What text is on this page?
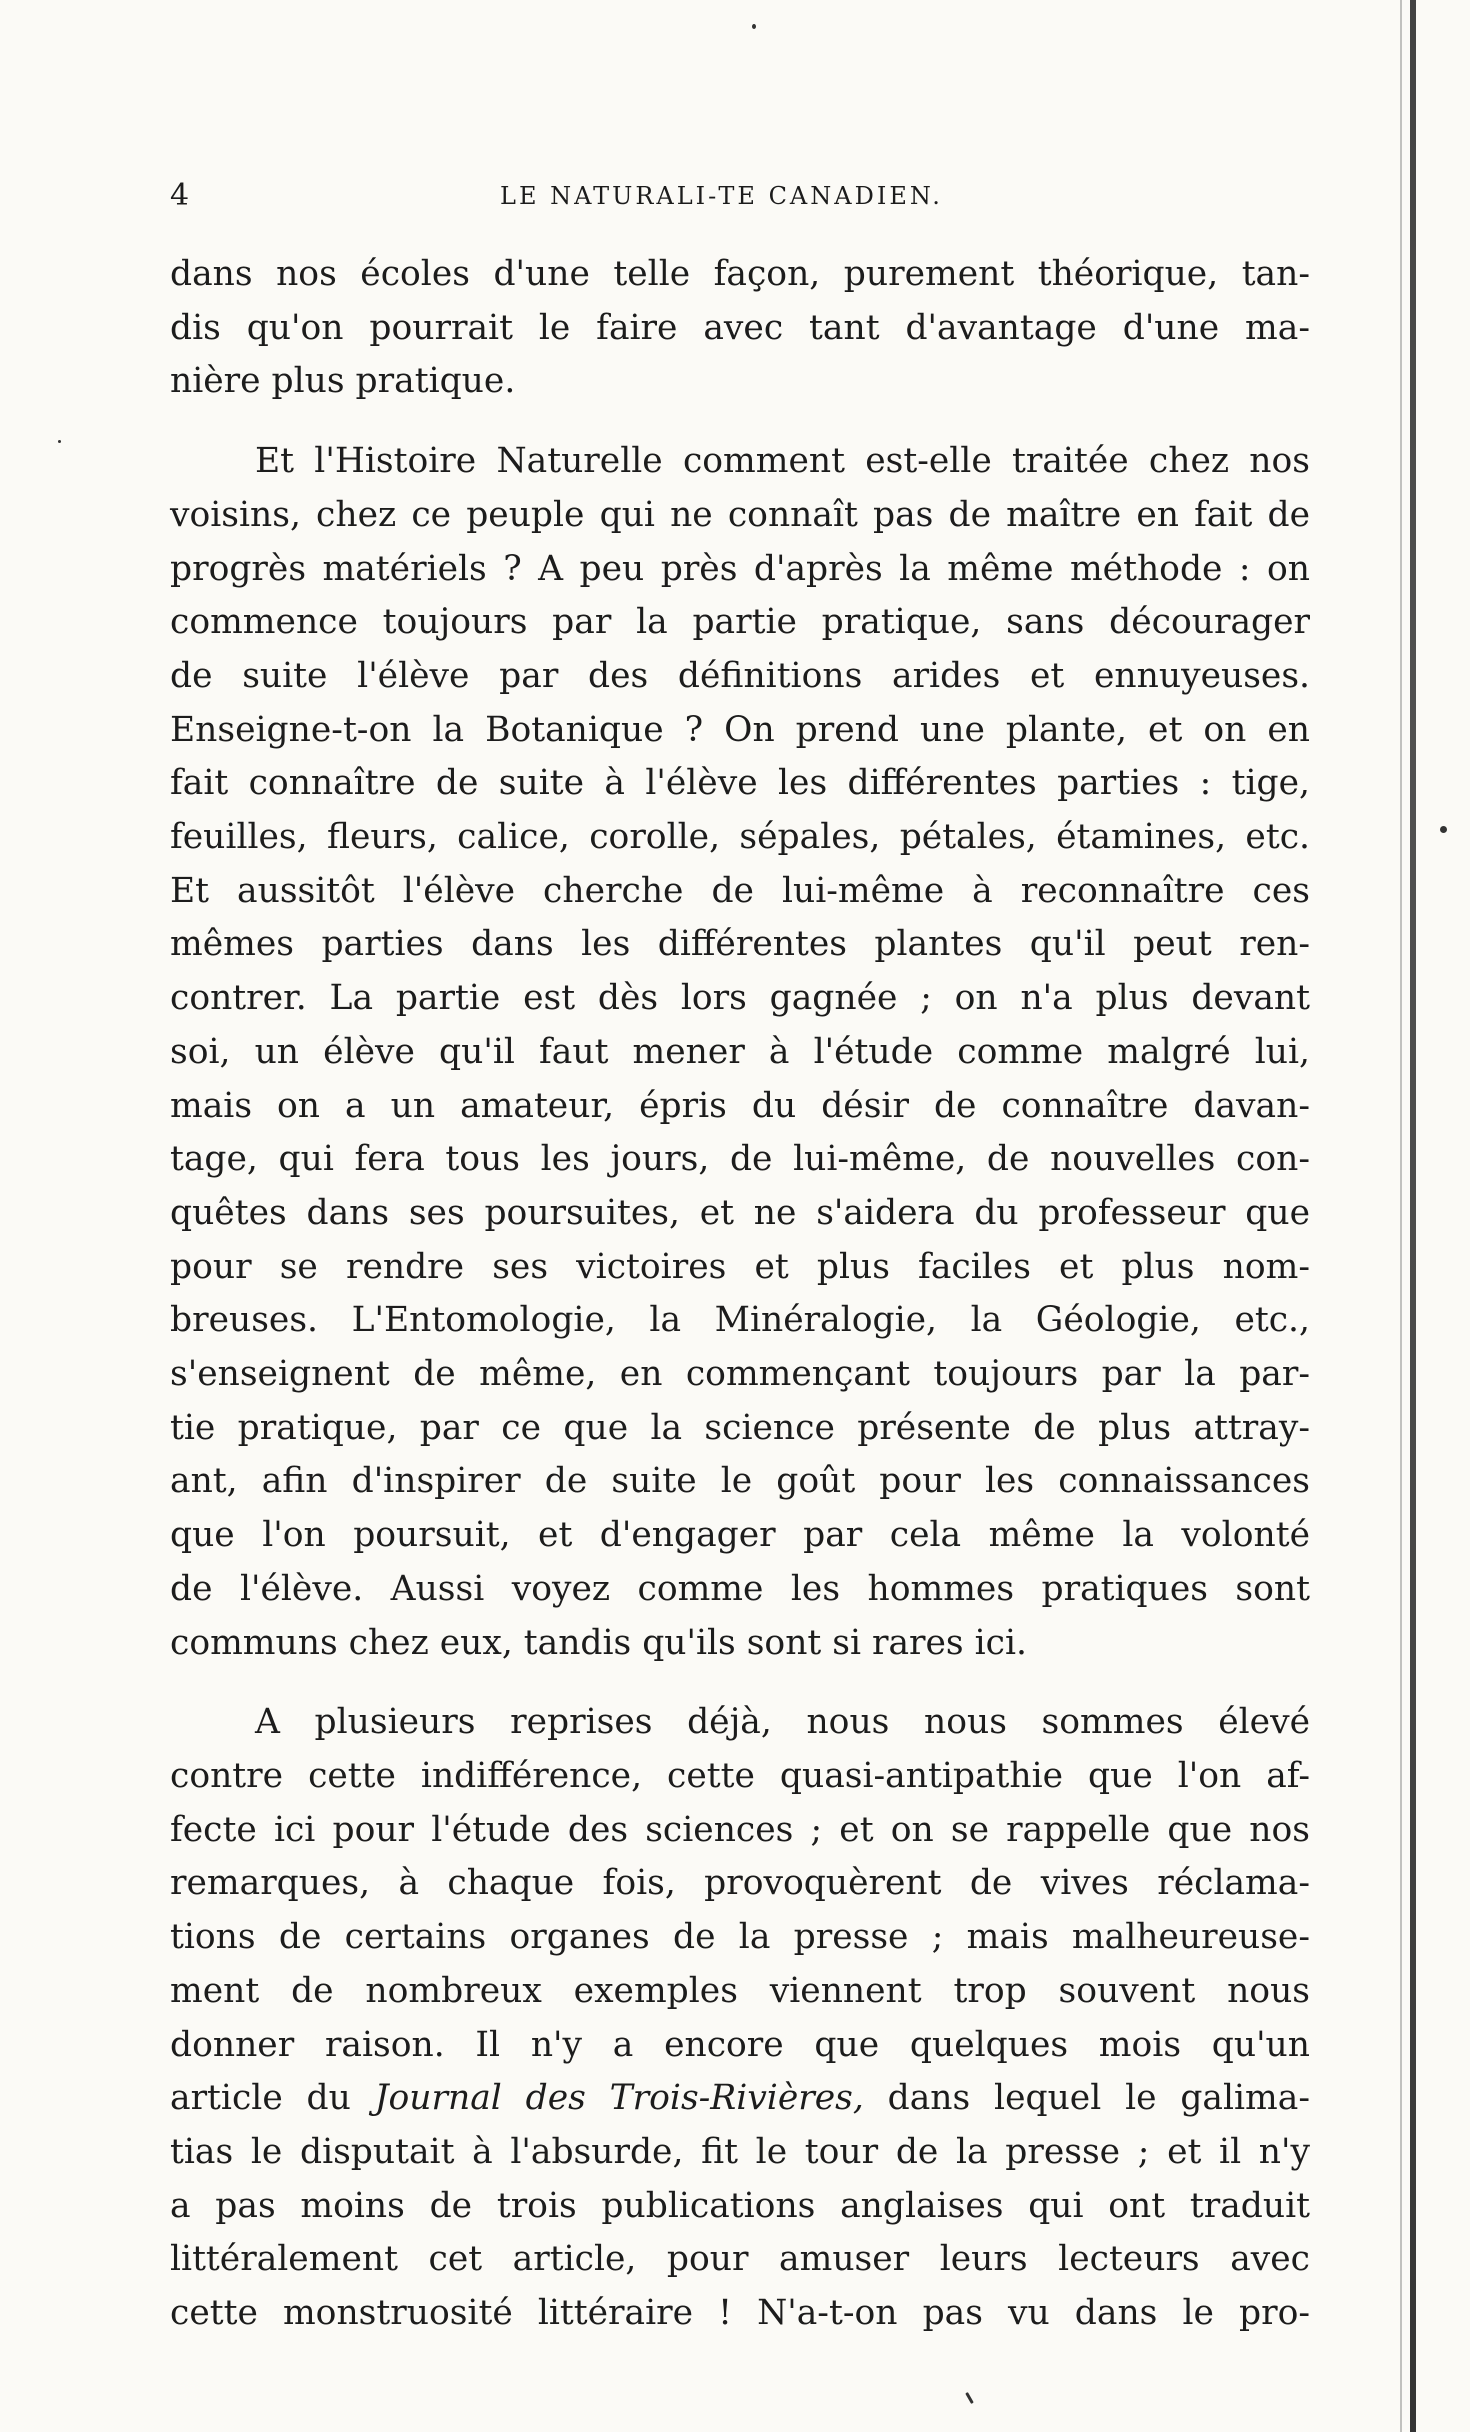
4	LE NATURALI-TE CANADIEN.

dans nos écoles d'une telle façon, purement théorique, tan-
dis qu'on pourrait le faire avec tant d'avantage d'une ma-
nière plus pratique.

Et l'Histoire Naturelle comment est-elle traitée chez nos
voisins, chez ce peuple qui ne connaît pas de maître en fait de
progrès matériels ? A peu près d'après la même méthode : on
commence toujours par la partie pratique, sans décourager
de suite l'élève par des définitions arides et ennuyeuses.
Enseigne-t-on la Botanique ? On prend une plante, et on en
fait connaître de suite à l'élève les différentes parties : tige,
feuilles, fleurs, calice, corolle, sépales, pétales, étamines, etc.
Et aussitôt l'élève cherche de lui-même à reconnaître ces
mêmes parties dans les différentes plantes qu'il peut ren-
contrer. La partie est dès lors gagnée ; on n'a plus devant
soi, un élève qu'il faut mener à l'étude comme malgré lui,
mais on a un amateur, épris du désir de connaître davan-
tage, qui fera tous les jours, de lui-même, de nouvelles con-
quêtes dans ses poursuites, et ne s'aidera du professeur que
pour se rendre ses victoires et plus faciles et plus nom-
breuses. L'Entomologie, la Minéralogie, la Géologie, etc.,
s'enseignent de même, en commençant toujours par la par-
tie pratique, par ce que la science présente de plus attray-
ant, afin d'inspirer de suite le goût pour les connaissances
que l'on poursuit, et d'engager par cela même la volonté
de l'élève. Aussi voyez comme les hommes pratiques sont
communs chez eux, tandis qu'ils sont si rares ici.

A plusieurs reprises déjà, nous nous sommes élevé
contre cette indifférence, cette quasi-antipathie que l'on af-
fecte ici pour l'étude des sciences ; et on se rappelle que nos
remarques, à chaque fois, provoquèrent de vives réclama-
tions de certains organes de la presse ; mais malheureuse-
ment de nombreux exemples viennent trop souvent nous
donner raison. Il n'y a encore que quelques mois qu'un
article du Journal des Trois-Rivières, dans lequel le galima-
tias le disputait à l'absurde, fit le tour de la presse ; et il n'y
a pas moins de trois publications anglaises qui ont traduit
littéralement cet article, pour amuser leurs lecteurs avec
cette monstruosité littéraire ! N'a-t-on pas vu dans le pro-
